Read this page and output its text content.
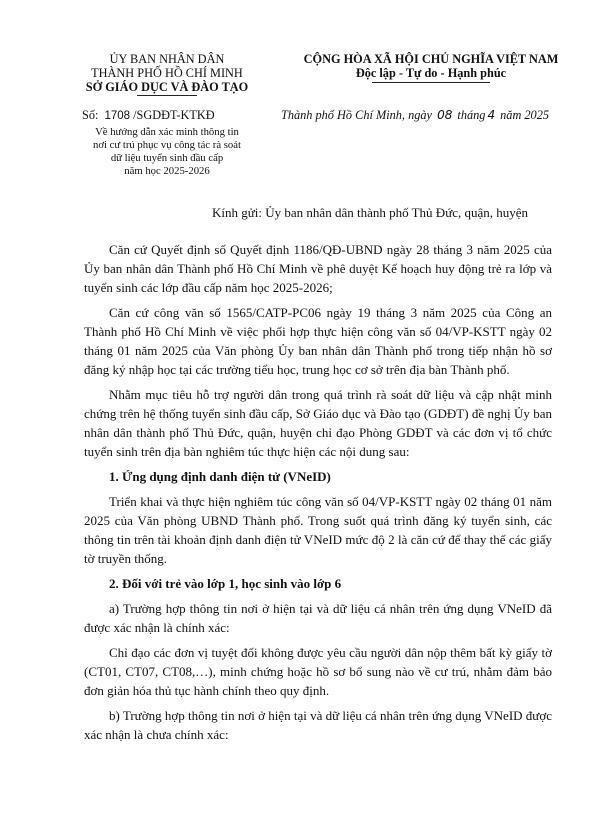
ỦY BAN NHÂN DÂN
THÀNH PHỐ HỒ CHÍ MINH
SỞ GIÁO DỤC VÀ ĐÀO TẠO
CỘNG HÒA XÃ HỘI CHỦ NGHĨA VIỆT NAM
Độc lập - Tự do - Hạnh phúc
Số: 1708 /SGDĐT-KTKĐ	Thành phố Hồ Chí Minh, ngày 08 tháng 4 năm 2025
Về hướng dẫn xác minh thông tin
nơi cư trú phục vụ công tác rà soát
dữ liệu tuyển sinh đầu cấp
năm học 2025-2026
Kính gửi: Ủy ban nhân dân thành phố Thủ Đức, quận, huyện

Căn cứ Quyết định số Quyết định 1186/QĐ-UBND ngày 28 tháng 3 năm 2025 của Ủy ban nhân dân Thành phố Hồ Chí Minh về phê duyệt Kế hoạch huy động trẻ ra lớp và tuyển sinh các lớp đầu cấp năm học 2025-2026;

Căn cứ công văn số 1565/CATP-PC06 ngày 19 tháng 3 năm 2025 của Công an Thành phố Hồ Chí Minh về việc phối hợp thực hiện công văn số 04/VP-KSTT ngày 02 tháng 01 năm 2025 của Văn phòng Ủy ban nhân dân Thành phố trong tiếp nhận hồ sơ đăng ký nhập học tại các trường tiểu học, trung học cơ sở trên địa bàn Thành phố.

Nhằm mục tiêu hỗ trợ người dân trong quá trình rà soát dữ liệu và cập nhật minh chứng trên hệ thống tuyển sinh đầu cấp, Sở Giáo dục và Đào tạo (GDĐT) đề nghị Ủy ban nhân dân thành phố Thủ Đức, quận, huyện chỉ đạo Phòng GDĐT và các đơn vị tổ chức tuyển sinh trên địa bàn nghiêm túc thực hiện các nội dung sau:

1. Ứng dụng định danh điện tử (VNeID)

Triển khai và thực hiện nghiêm túc công văn số 04/VP-KSTT ngày 02 tháng 01 năm 2025 của Văn phòng UBND Thành phố. Trong suốt quá trình đăng ký tuyển sinh, các thông tin trên tài khoản định danh điện tử VNeID mức độ 2 là căn cứ để thay thế các giấy tờ truyền thống.

2. Đối với trẻ vào lớp 1, học sinh vào lớp 6

a) Trường hợp thông tin nơi ở hiện tại và dữ liệu cá nhân trên ứng dụng VNeID đã được xác nhận là chính xác:

Chỉ đạo các đơn vị tuyệt đối không được yêu cầu người dân nộp thêm bất kỳ giấy tờ (CT01, CT07, CT08,…), minh chứng hoặc hồ sơ bổ sung nào về cư trú, nhằm đảm bảo đơn giản hóa thủ tục hành chính theo quy định.

b) Trường hợp thông tin nơi ở hiện tại và dữ liệu cá nhân trên ứng dụng VNeID được xác nhận là chưa chính xác:
